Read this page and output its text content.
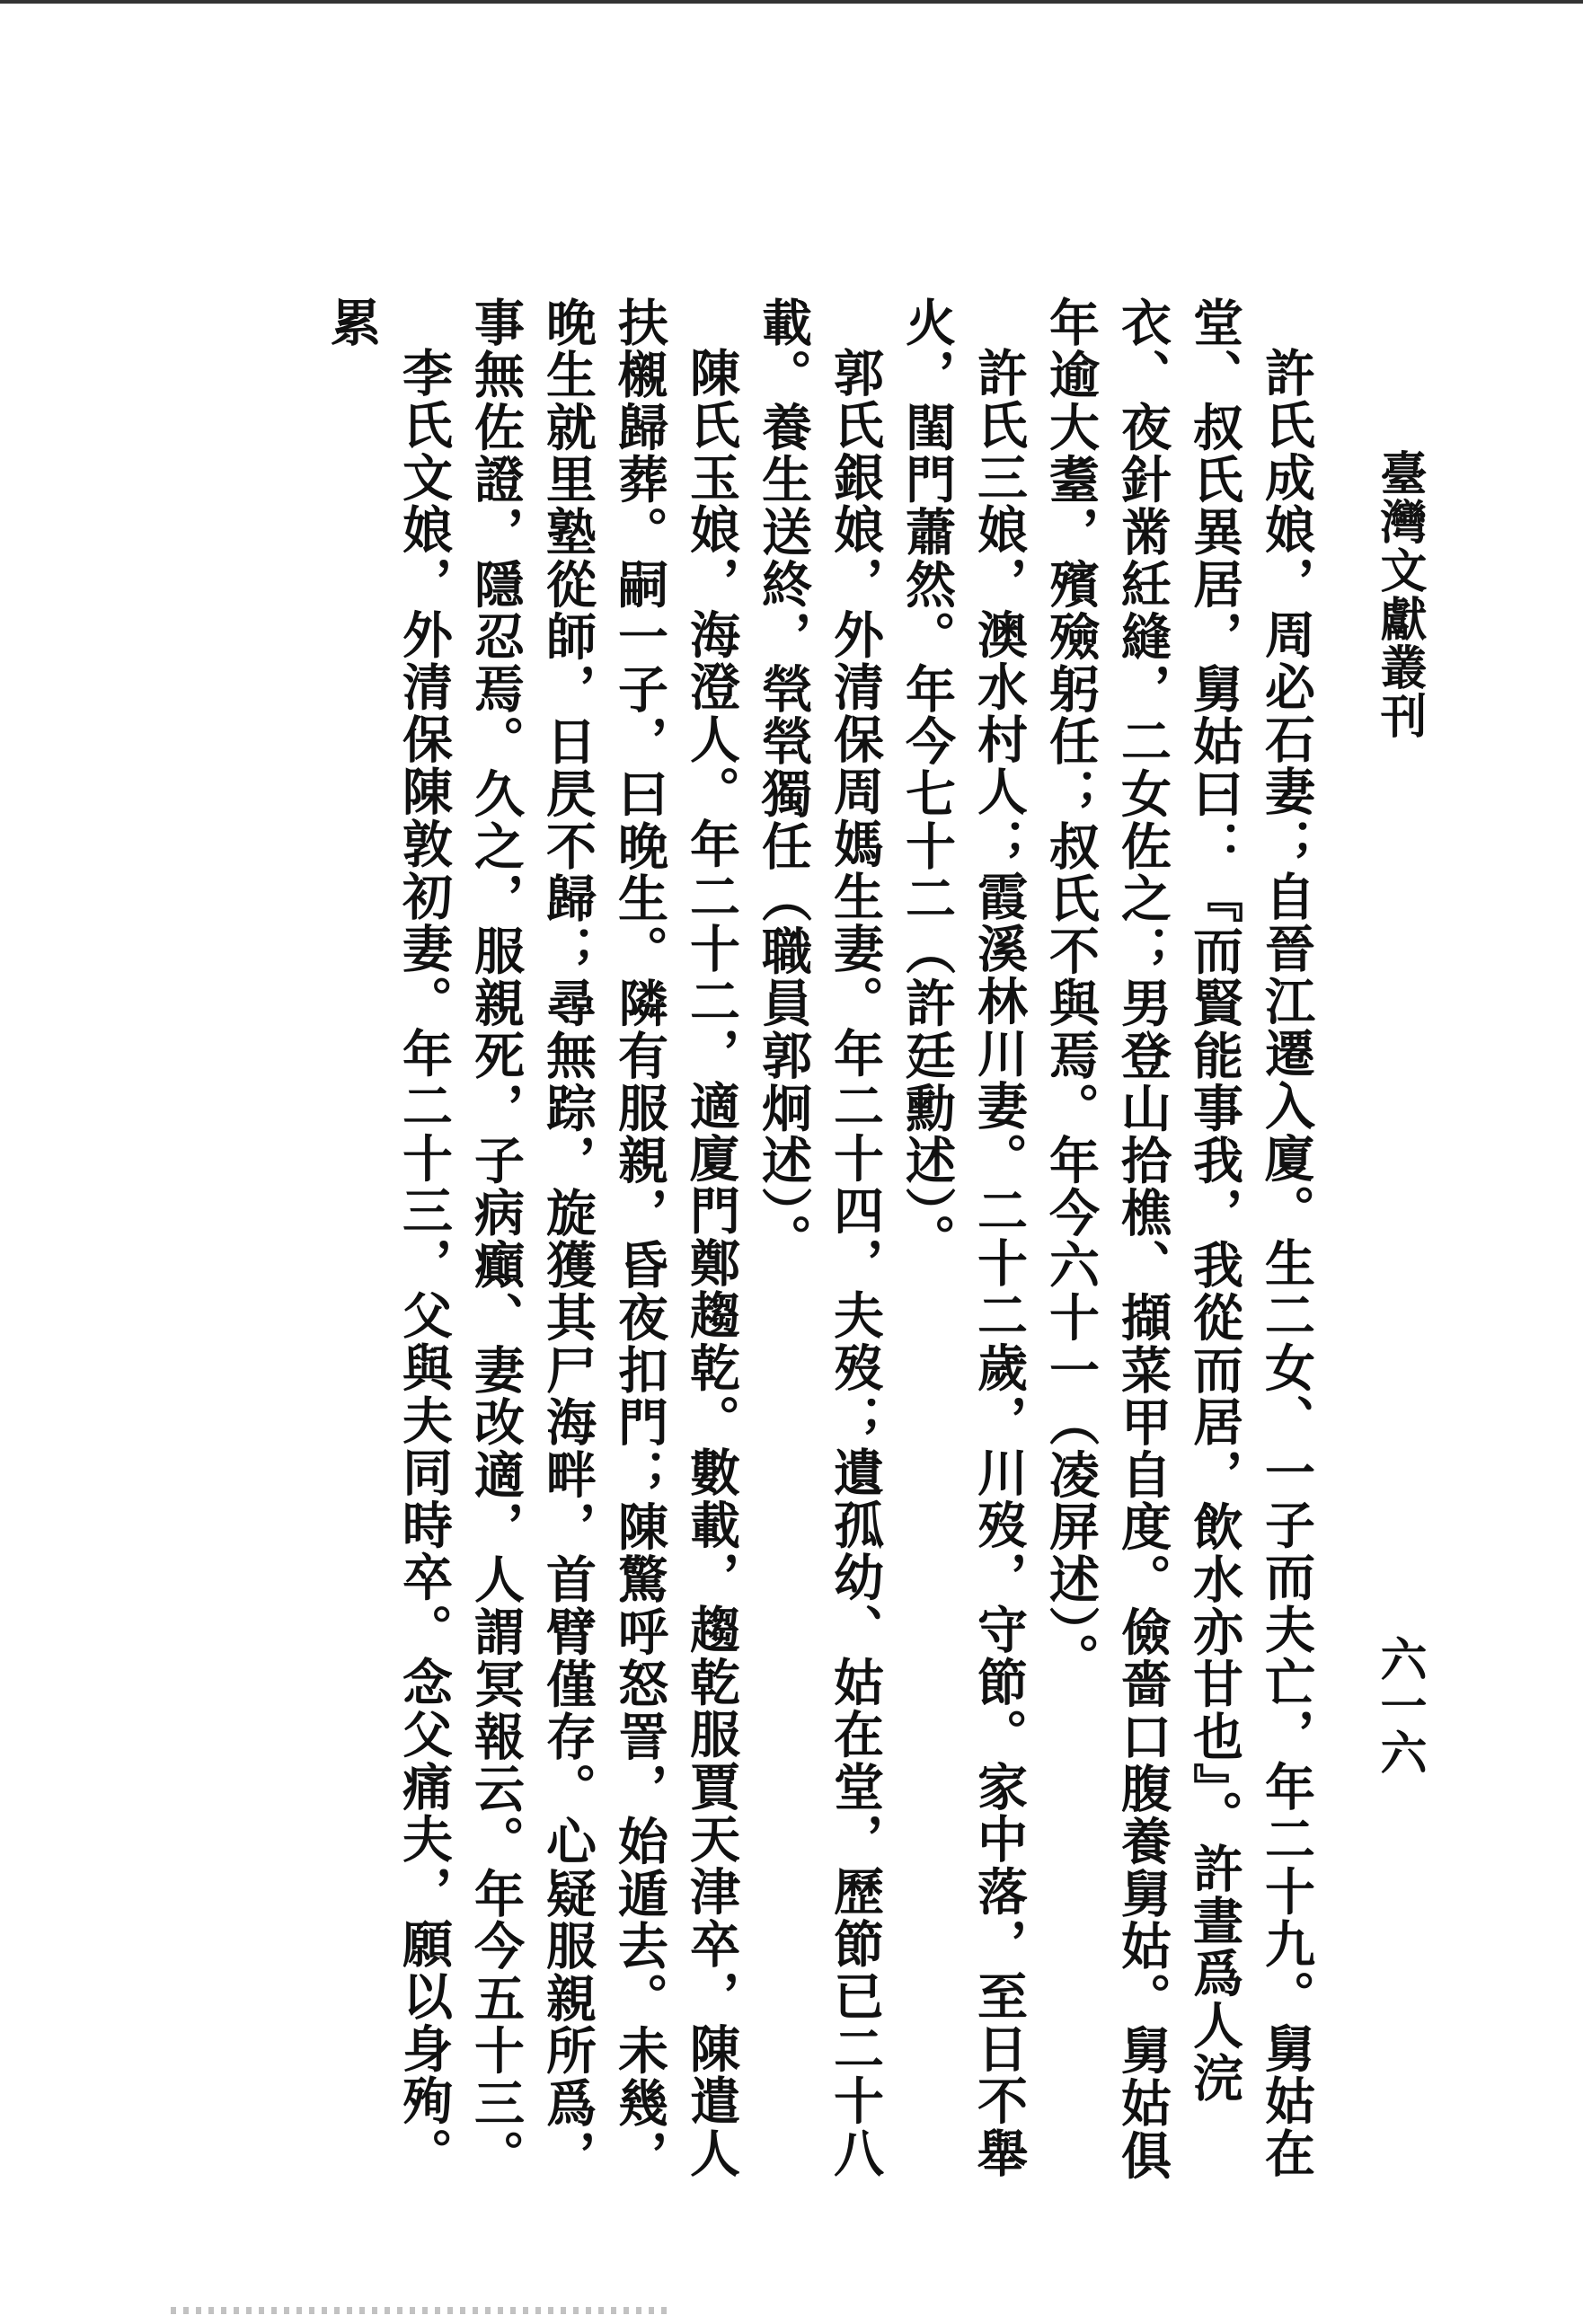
臺灣文獻叢刊
六一六

許氏成娘，周必石妻；自晉江遷入廈。生二女、一子而夫亡，年二十九。舅姑在堂、叔氏異居，舅姑曰：『而賢能事我，我從而居，飲水亦甘也』。許晝爲人浣衣、夜針黹紝縫，二女佐之；男登山拾樵、擷菜甲自度。儉嗇口腹養舅姑。舅姑俱年逾大耋，殯殮躬任；叔氏不與焉。年今六十一（凌屏述）。

許氏三娘，澳水村人；霞溪林川妻。二十二歲，川歿，守節。家中落，至日不舉火，閨門蕭然。年今七十二（許廷勳述）。

郭氏銀娘，外清保周媽生妻。年二十四，夫歿；遺孤幼、姑在堂，歷節已二十八載。養生送終，煢煢獨任（職員郭炯述）。

陳氏玉娘，海澄人。年二十二，適廈門鄭趨乾。數載，趨乾服賈天津卒，陳遣人扶櫬歸葬。嗣一子，曰晚生。隣有服親，昏夜扣門；陳驚呼怒詈，始遁去。未幾，晚生就里塾從師，日昃不歸；尋無踪，旋獲其尸海畔，首臂僅存。心疑服親所爲，事無佐證，隱忍焉。久之，服親死，子病癲、妻改適，人謂冥報云。年今五十三。

李氏文娘，外清保陳敦初妻。年二十三，父與夫同時卒。念父痛夫，願以身殉。累
